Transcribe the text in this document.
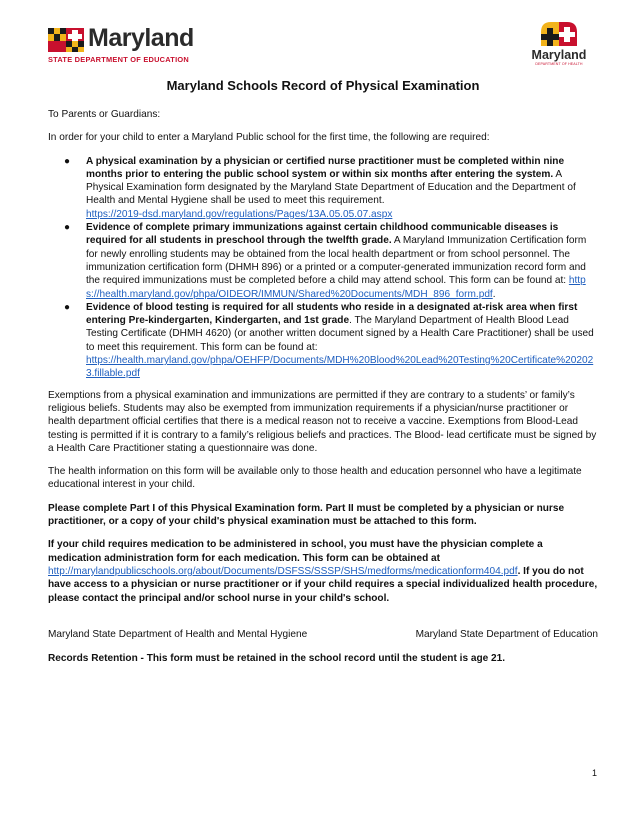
Maryland
STATE DEPARTMENT OF EDUCATION	Maryland
DEPARTMENT OF HEALTH
Maryland Schools Record of Physical Examination

To Parents or Guardians:

In order for your child to enter a Maryland Public school for the first time, the following are required:

● A physical examination by a physician or certified nurse practitioner must be completed within nine months prior to entering the public school system or within six months after entering the system. A Physical Examination form designated by the Maryland State Department of Education and the Department of Health and Mental Hygiene shall be used to meet this requirement.
https://2019-dsd.maryland.gov/regulations/Pages/13A.05.05.07.aspx
● Evidence of complete primary immunizations against certain childhood communicable diseases is required for all students in preschool through the twelfth grade. A Maryland Immunization Certification form for newly enrolling students may be obtained from the local health department or from school personnel. The immunization certification form (DHMH 896) or a printed or a computer-generated immunization record form and the required immunizations must be completed before a child may attend school. This form can be found at: https://health.maryland.gov/phpa/OIDEOR/IMMUN/Shared%20Documents/MDH_896_form.pdf.
● Evidence of blood testing is required for all students who reside in a designated at-risk area when first entering Pre-kindergarten, Kindergarten, and 1st grade. The Maryland Department of Health Blood Lead Testing Certificate (DHMH 4620) (or another written document signed by a Health Care Practitioner) shall be used to meet this requirement. This form can be found at:
https://health.maryland.gov/phpa/OEHFP/Documents/MDH%20Blood%20Lead%20Testing%20Certificate%202023.fillable.pdf

Exemptions from a physical examination and immunizations are permitted if they are contrary to a students’ or family’s religious beliefs. Students may also be exempted from immunization requirements if a physician/nurse practitioner or health department official certifies that there is a medical reason not to receive a vaccine. Exemptions from Blood-Lead testing is permitted if it is contrary to a family’s religious beliefs and practices. The Blood- lead certificate must be signed by a Health Care Practitioner stating a questionnaire was done.

The health information on this form will be available only to those health and education personnel who have a legitimate educational interest in your child.

Please complete Part I of this Physical Examination form. Part II must be completed by a physician or nurse practitioner, or a copy of your child's physical examination must be attached to this form.

If your child requires medication to be administered in school, you must have the physician complete a medication administration form for each medication. This form can be obtained at
http://marylandpublicschools.org/about/Documents/DSFSS/SSSP/SHS/medforms/medicationform404.pdf. If you do not have access to a physician or nurse practitioner or if your child requires a special individualized health procedure, please contact the principal and/or school nurse in your child's school.

Maryland State Department of Health and Mental Hygiene	Maryland State Department of Education

Records Retention - This form must be retained in the school record until the student is age 21.

1
